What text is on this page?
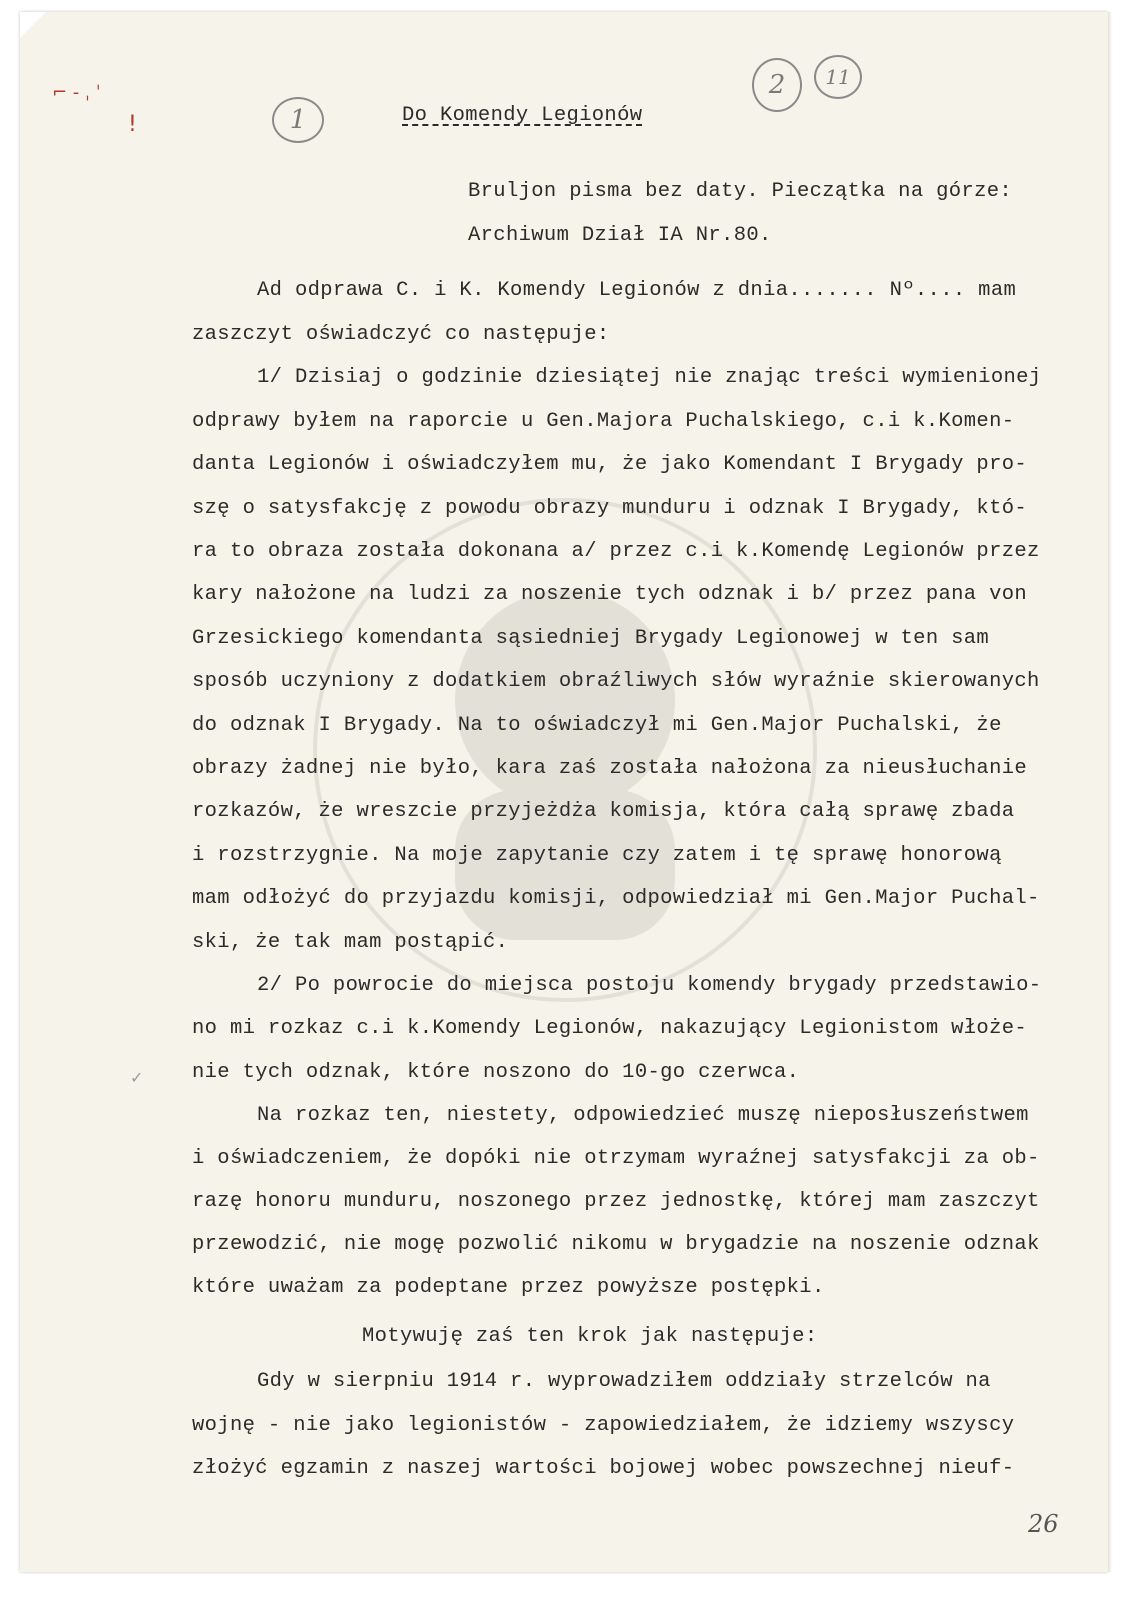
⌐ ‑ ˌ ˈ
!
✓
1
2	11
Do Komendy Legionów
Bruljon pisma bez daty. Pieczątka na górze:
Archiwum Dział IA Nr.80.
Ad odprawa C. i K. Komendy Legionów z dnia....... Nº.... mam
zaszczyt oświadczyć co następuje:
1/ Dzisiaj o godzinie dziesiątej nie znając treści wymienionej
odprawy byłem na raporcie u Gen.Majora Puchalskiego, c.i k.Komen-
danta Legionów i oświadczyłem mu, że jako Komendant I Brygady pro-
szę o satysfakcję z powodu obrazy munduru i odznak I Brygady, któ-
ra to obraza została dokonana a/ przez c.i k.Komendę Legionów przez
kary nałożone na ludzi za noszenie tych odznak i b/ przez pana von
Grzesickiego komendanta sąsiedniej Brygady Legionowej w ten sam
sposób uczyniony z dodatkiem obraźliwych słów wyraźnie skierowanych
do odznak I Brygady. Na to oświadczył mi Gen.Major Puchalski, że
obrazy żadnej nie było, kara zaś została nałożona za nieusłuchanie
rozkazów, że wreszcie przyjeżdża komisja, która całą sprawę zbada
i rozstrzygnie. Na moje zapytanie czy zatem i tę sprawę honorową
mam odłożyć do przyjazdu komisji, odpowiedział mi Gen.Major Puchal-
ski, że tak mam postąpić.
2/ Po powrocie do miejsca postoju komendy brygady przedstawio-
no mi rozkaz c.i k.Komendy Legionów, nakazujący Legionistom włoże-
nie tych odznak, które noszono do 10-go czerwca.
Na rozkaz ten, niestety, odpowiedzieć muszę nieposłuszeństwem
i oświadczeniem, że dopóki nie otrzymam wyraźnej satysfakcji za ob-
razę honoru munduru, noszonego przez jednostkę, której mam zaszczyt
przewodzić, nie mogę pozwolić nikomu w brygadzie na noszenie odznak
które uważam za podeptane przez powyższe postępki.
Motywuję zaś ten krok jak następuje:
Gdy w sierpniu 1914 r. wyprowadziłem oddziały strzelców na
wojnę - nie jako legionistów - zapowiedziałem, że idziemy wszyscy
złożyć egzamin z naszej wartości bojowej wobec powszechnej nieuf-
26
